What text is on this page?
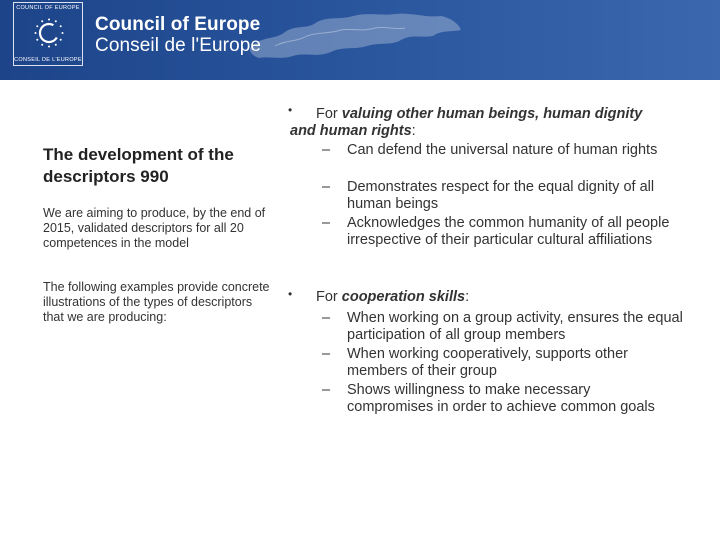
COUNCIL OF EUROPE
CONSEIL DE L'EUROPE
Council of Europe
Conseil de l'Europe
The development of the descriptors 990
We are aiming to produce, by the end of 2015, validated descriptors for all 20 competences in the model
The following examples provide concrete illustrations of the types of descriptors that we are producing:
•	For valuing other human beings, human dignity and human rights:
– Can defend the universal nature of human rights
– Demonstrates respect for the equal dignity of all human beings
– Acknowledges the common humanity of all people irrespective of their particular cultural affiliations
• For cooperation skills:
– When working on a group activity, ensures the equal participation of all group members
– When working cooperatively, supports other members of their group
– Shows willingness to make necessary compromises in order to achieve common goals
